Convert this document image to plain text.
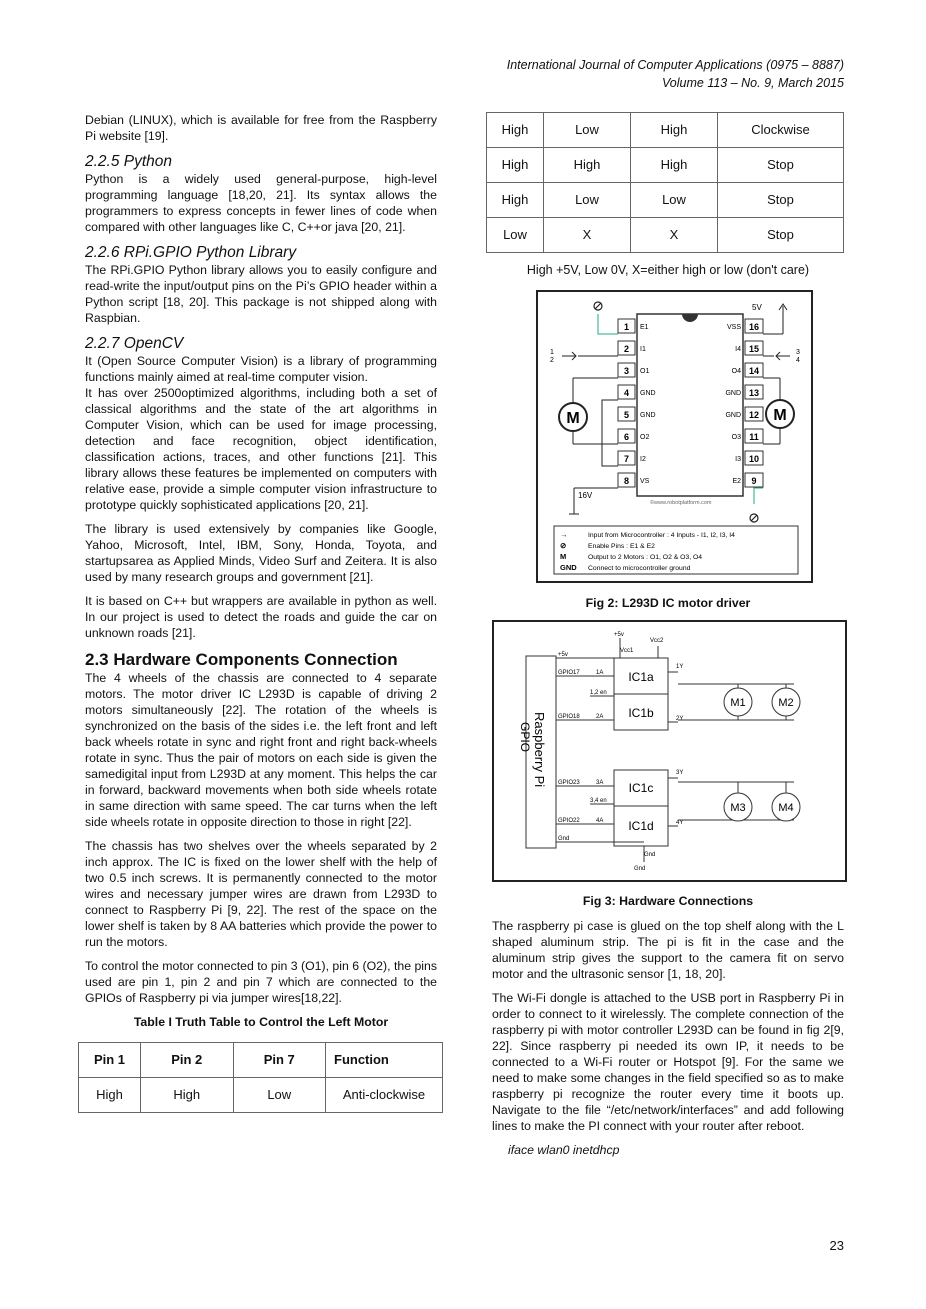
International Journal of Computer Applications (0975 – 8887)
Volume 113 – No. 9, March 2015

Debian (LINUX), which is available for free from the Raspberry Pi website [19].

2.2.5 Python

Python is a widely used general-purpose, high-level programming language [18,20, 21]. Its syntax allows the programmers to express concepts in fewer lines of code when compared with other languages like C, C++or java [20, 21].

2.2.6 RPi.GPIO Python Library

The RPi.GPIO Python library allows you to easily configure and read-write the input/output pins on the Pi’s GPIO header within a Python script [18, 20]. This package is not shipped along with Raspbian.

2.2.7 OpenCV

It (Open Source Computer Vision) is a library of programming functions mainly aimed at real-time computer vision.

It has over 2500optimized algorithms, including both a set of classical algorithms and the state of the art algorithms in Computer Vision, which can be used for image processing, detection and face recognition, object identification, classification actions, traces, and other functions [21]. This library allows these features be implemented on computers with relative ease, provide a simple computer vision infrastructure to prototype quickly sophisticated applications [20, 21].

The library is used extensively by companies like Google, Yahoo, Microsoft, Intel, IBM, Sony, Honda, Toyota, and startupsarea as Applied Minds, Video Surf and Zeitera. It is also used by many research groups and government [21].

It is based on C++ but wrappers are available in python as well. In our project is used to detect the roads and guide the car on unknown roads [21].

2.3 Hardware Components Connection

The 4 wheels of the chassis are connected to 4 separate motors. The motor driver IC L293D is capable of driving 2 motors simultaneously [22]. The rotation of the wheels is synchronized on the basis of the sides i.e. the left front and left back wheels rotate in sync and right front and right back-wheels rotate in sync. Thus the pair of motors on each side is given the samedigital input from L293D at any moment. This helps the car in forward, backward movements when both side wheels rotate in same direction with same speed. The car turns when the left side wheels rotate in opposite direction to those in right [22].

The chassis has two shelves over the wheels separated by 2 inch approx. The IC is fixed on the lower shelf with the help of two 0.5 inch screws. It is permanently connected to the motor wires and necessary jumper wires are drawn from L293D to connect to Raspberry Pi [9, 22]. The rest of the space on the lower shelf is taken by 8 AA batteries which provide the power to run the motors.

To control the motor connected to pin 3 (O1), pin 6 (O2), the pins used are pin 1, pin 2 and pin 7 which are connected to the GPIOs of Raspberry pi via jumper wires[18,22].

Table I Truth Table to Control the Left Motor
Pin 1	Pin 2	Pin 7	Function
High	High	Low	Anti-clockwise
High	Low	High	Clockwise
High	High	High	Stop
High	Low	Low	Stop
Low	X	X	Stop
High +5V, Low 0V, X=either high or low (don't care)
1 E1
2 I1
3 O1
4 GND
5 GND
6 O2
7 I2
8 VS
16
VSS
15
I4
14
O4
13
GND
12
GND
11
O3
10
I3
9
E2
5V
1
2
3
4
M	M
16V
©www.robotplatform.com
→	Input from Microcontroller : 4 Inputs - I1, I2, I3, I4
⊘	Enable Pins : E1 & E2
M	Output to 2 Motors : O1, O2 & O3, O4
GND Connect to microcontroller ground
Fig 2: L293D IC motor driver
Raspberry Pi
GPIO
+5v
+5v
Vcc2
Vcc1
IC1a
IC1b
IC1c
IC1d
GPIO17
GPIO18
GPIO23
GPIO22
Gnd
1A
2A
3A
4A
1,2 en
3,4 en
1Y
2Y
3Y
4Y
M1	M2
M3	M4
Gnd
Gnd
Fig 3: Hardware Connections

The raspberry pi case is glued on the top shelf along with the L shaped aluminum strip. The pi is fit in the case and the aluminum strip gives the support to the camera fit on servo motor and the ultrasonic sensor [1, 18, 20].

The Wi-Fi dongle is attached to the USB port in Raspberry Pi in order to connect to it wirelessly. The complete connection of the raspberry pi with motor controller L293D can be found in fig 2[9, 22]. Since raspberry pi needed its own IP, it needs to be connected to a Wi-Fi router or Hotspot [9]. For the same we need to make some changes in the field specified so as to make raspberry pi recognize the router every time it boots up. Navigate to the file “/etc/network/interfaces” and add following lines to make the PI connect with your router after reboot.

iface wlan0 inetdhcp

23
